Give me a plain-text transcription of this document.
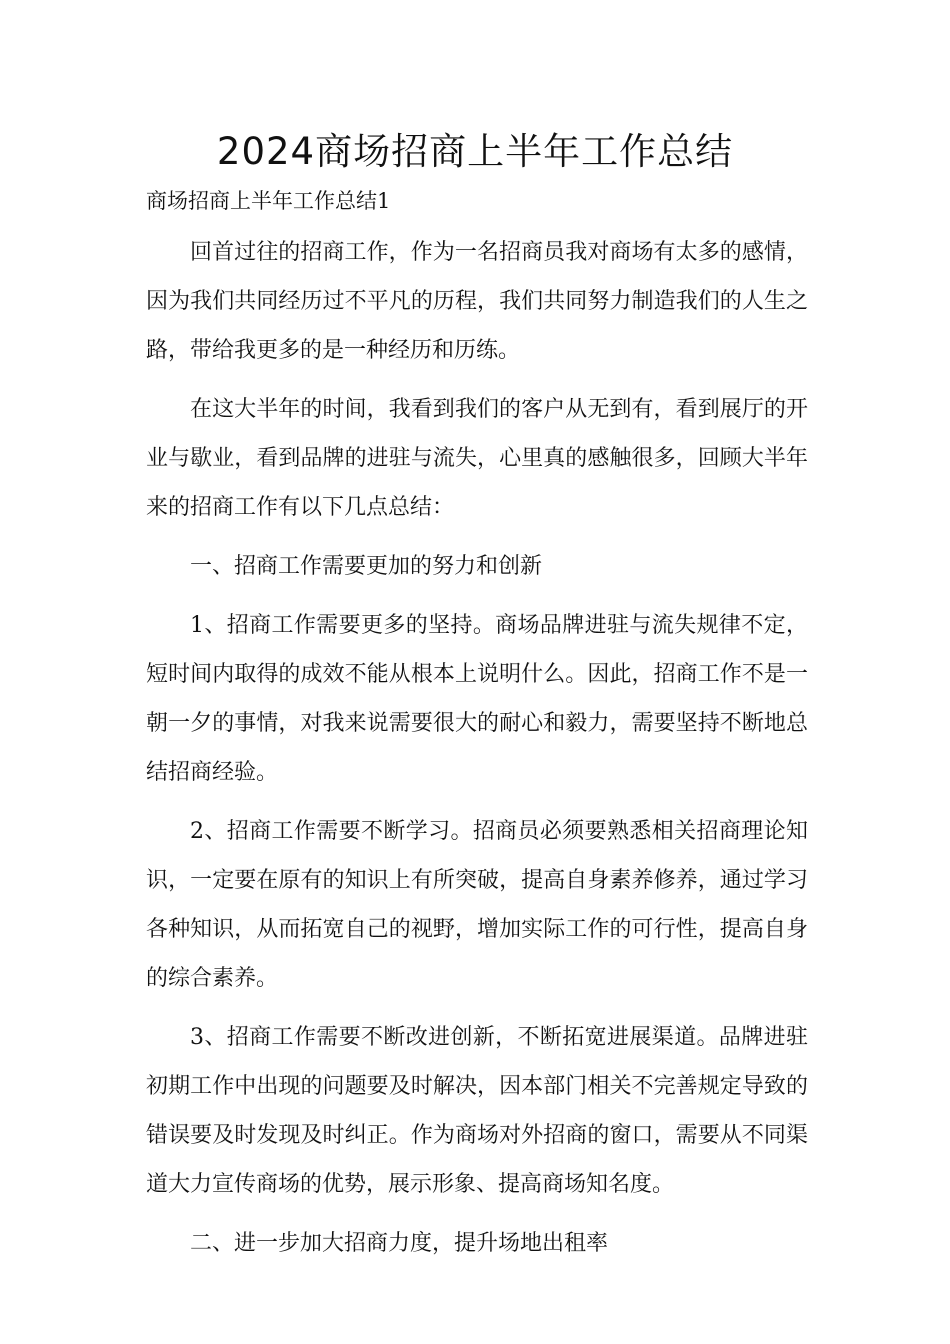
2024商场招商上半年工作总结
商场招商上半年工作总结1

回首过往的招商工作，作为一名招商员我对商场有太多的感情，因为我们共同经历过不平凡的历程，我们共同努力制造我们的人生之路，带给我更多的是一种经历和历练。

在这大半年的时间，我看到我们的客户从无到有，看到展厅的开业与歇业，看到品牌的进驻与流失，心里真的感触很多，回顾大半年来的招商工作有以下几点总结：

一、招商工作需要更加的努力和创新

1、招商工作需要更多的坚持。商场品牌进驻与流失规律不定，短时间内取得的成效不能从根本上说明什么。因此，招商工作不是一朝一夕的事情，对我来说需要很大的耐心和毅力，需要坚持不断地总结招商经验。

2、招商工作需要不断学习。招商员必须要熟悉相关招商理论知识，一定要在原有的知识上有所突破，提高自身素养修养，通过学习各种知识，从而拓宽自己的视野，增加实际工作的可行性，提高自身的综合素养。

3、招商工作需要不断改进创新，不断拓宽进展渠道。品牌进驻初期工作中出现的问题要及时解决，因本部门相关不完善规定导致的错误要及时发现及时纠正。作为商场对外招商的窗口，需要从不同渠道大力宣传商场的优势，展示形象、提高商场知名度。

二、进一步加大招商力度，提升场地出租率
